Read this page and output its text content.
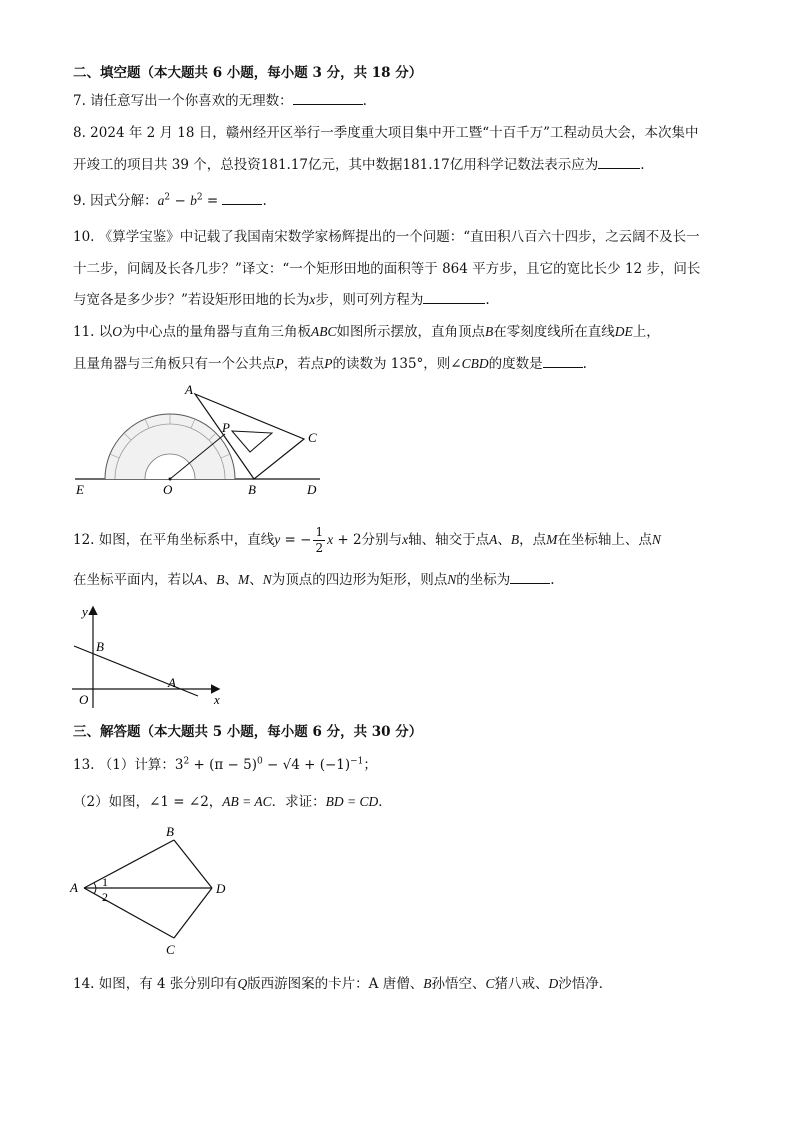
二、填空题（本大题共 6 小题，每小题 3 分，共 18 分）
7. 请任意写出一个你喜欢的无理数：	.
8. 2024 年 2 月 18 日，赣州经开区举行一季度重大项目集中开工暨“十百千万”工程动员大会，本次集中
开竣工的项目共 39 个，总投资181.17亿元，其中数据181.17亿用科学记数法表示应为	.
9. 因式分解：$a^2 - b^2$ =	.
10. 《算学宝鉴》中记载了我国南宋数学家杨辉提出的一个问题：“直田积八百六十四步，之云阔不及长一
十二步，问阔及长各几步？”译文：“一个矩形田地的面积等于 864 平方步，且它的宽比长少 12 步，问长
与宽各是多少步？”若设矩形田地的长为x步，则可列方程为	.
11. 以O为中心点的量角器与直角三角板ABC如图所示摆放，直角顶点B在零刻度线所在直线DE上，
且量角器与三角板只有一个公共点P，若点P的读数为 135°，则∠CBD的度数是	.
A
P
C
E	O	B	D
12. 如图，在平角坐标系中，直线y = − $\frac{1}{2}$ x + 2分别与x轴、轴交于点A、B，点M在坐标轴上、点N
在坐标平面内，若以A、B、M、N为顶点的四边形为矩形，则点N的坐标为	.
y
B
A
O	x
三、解答题（本大题共 5 小题，每小题 6 分，共 30 分）
13. （1）计算：$3^2 + (\pi - 5)^0 - √4 + (-1)^{-1}$；
（2）如图，∠1 = ∠2，AB = AC．求证：BD = CD．
A
B
C
D
1
2
14. 如图，有 4 张分别印有Q版西游图案的卡片：A 唐僧、B孙悟空、C猪八戒、D沙悟净．
